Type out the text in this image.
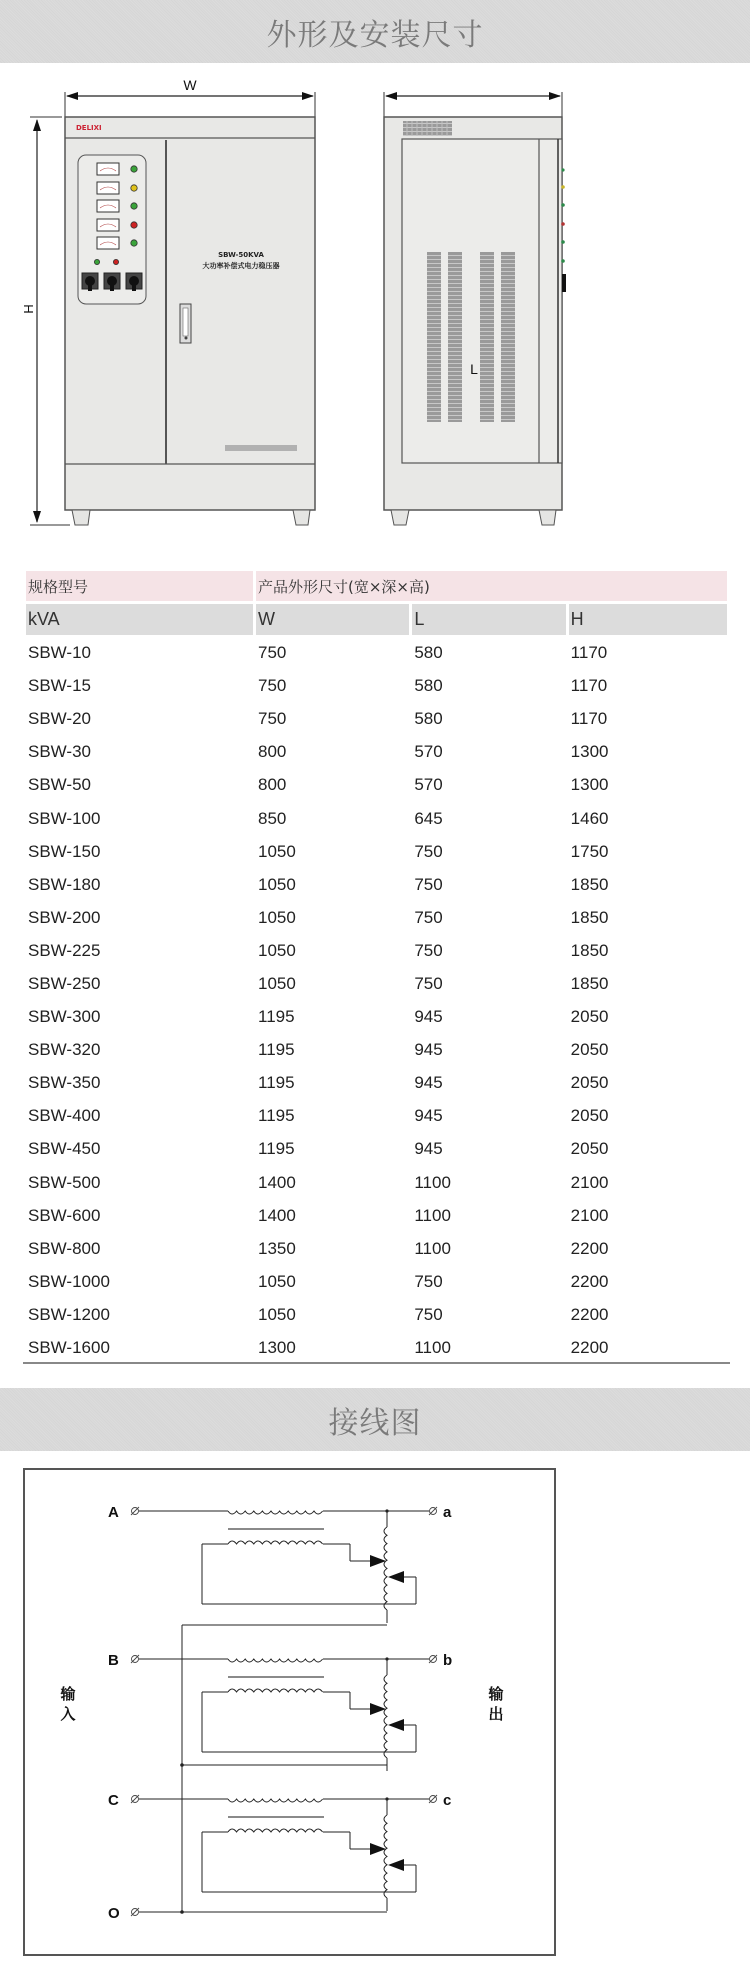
外形及安装尺寸
W
H
DELIXI
SBW-50KVA
大功率补偿式电力稳压器
L
规格型号	产品外形尺寸(宽×深×高)		
kVA	W	L	H
SBW-10	750	580	1170
SBW-15	750	580	1170
SBW-20	750	580	1170
SBW-30	800	570	1300
SBW-50	800	570	1300
SBW-100	850	645	1460
SBW-150	1050	750	1750
SBW-180	1050	750	1850
SBW-200	1050	750	1850
SBW-225	1050	750	1850
SBW-250	1050	750	1850
SBW-300	1195	945	2050
SBW-320	1195	945	2050
SBW-350	1195	945	2050
SBW-400	1195	945	2050
SBW-450	1195	945	2050
SBW-500	1400	1100	2100
SBW-600	1400	1100	2100
SBW-800	1350	1100	2200
SBW-1000	1050	750	2200
SBW-1200	1050	750	2200
SBW-1600	1300	1100	2200
接线图
A
B
C
O
a
b
c
输
入
输
出
